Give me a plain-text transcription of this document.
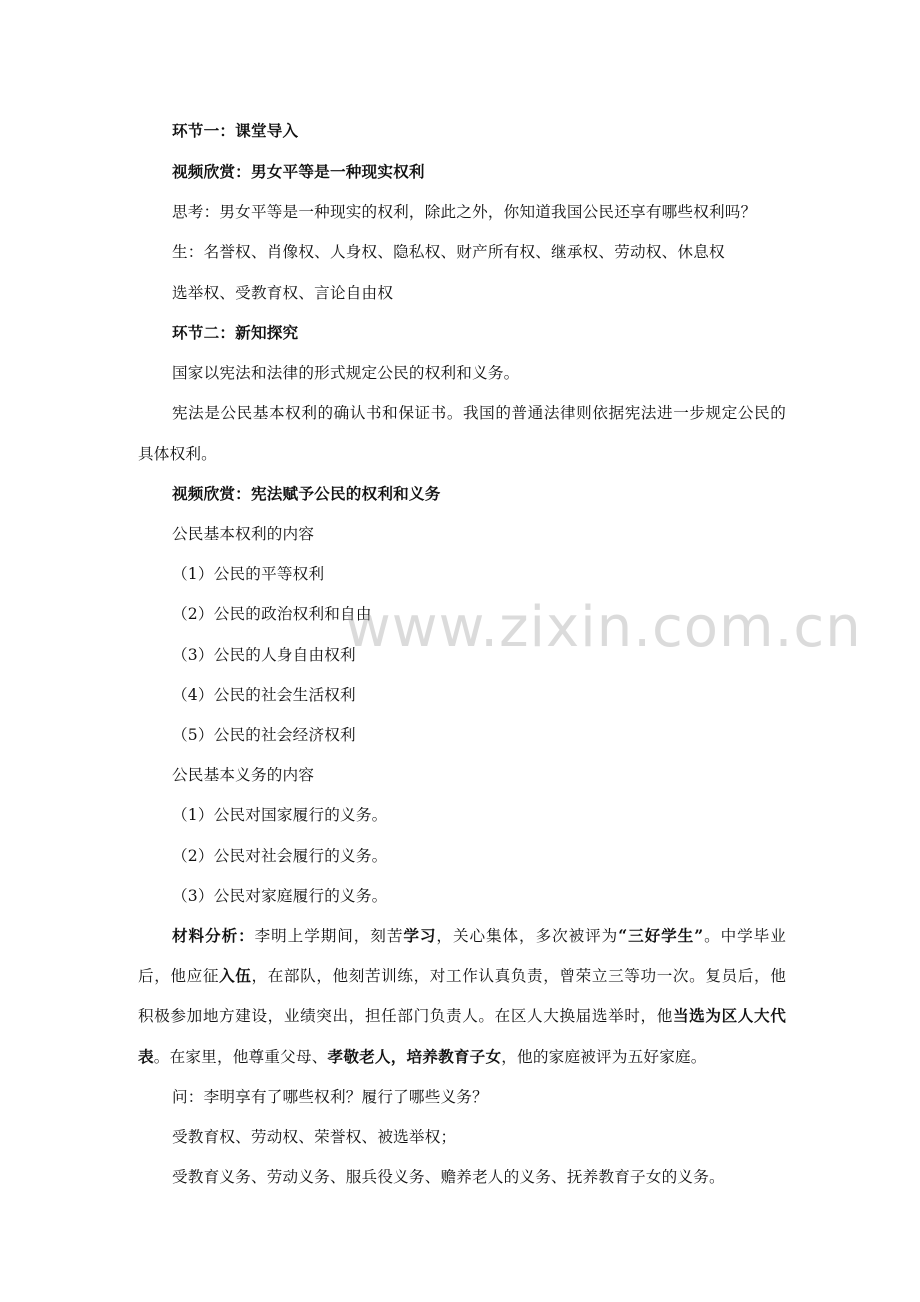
环节一：课堂导入
视频欣赏：男女平等是一种现实权利
思考：男女平等是一种现实的权利，除此之外，你知道我国公民还享有哪些权利吗？
生：名誉权、肖像权、人身权、隐私权、财产所有权、继承权、劳动权、休息权
选举权、受教育权、言论自由权
环节二：新知探究
国家以宪法和法律的形式规定公民的权利和义务。
宪法是公民基本权利的确认书和保证书。我国的普通法律则依据宪法进一步规定公民的
具体权利。
视频欣赏：宪法赋予公民的权利和义务
公民基本权利的内容
（1）公民的平等权利
（2）公民的政治权利和自由
（3）公民的人身自由权利
（4）公民的社会生活权利
（5）公民的社会经济权利
公民基本义务的内容
（1）公民对国家履行的义务。
（2）公民对社会履行的义务。
（3）公民对家庭履行的义务。
材料分析：李明上学期间，刻苦学习，关心集体，多次被评为“三好学生”。中学毕业
后，他应征入伍，在部队，他刻苦训练，对工作认真负责，曾荣立三等功一次。复员后，他
积极参加地方建设，业绩突出，担任部门负责人。在区人大换届选举时，他当选为区人大代
表。在家里，他尊重父母、孝敬老人，培养教育子女，他的家庭被评为五好家庭。
问：李明享有了哪些权利？履行了哪些义务？
受教育权、劳动权、荣誉权、被选举权；
受教育义务、劳动义务、服兵役义务、赡养老人的义务、抚养教育子女的义务。
www.zixin.com.cn
